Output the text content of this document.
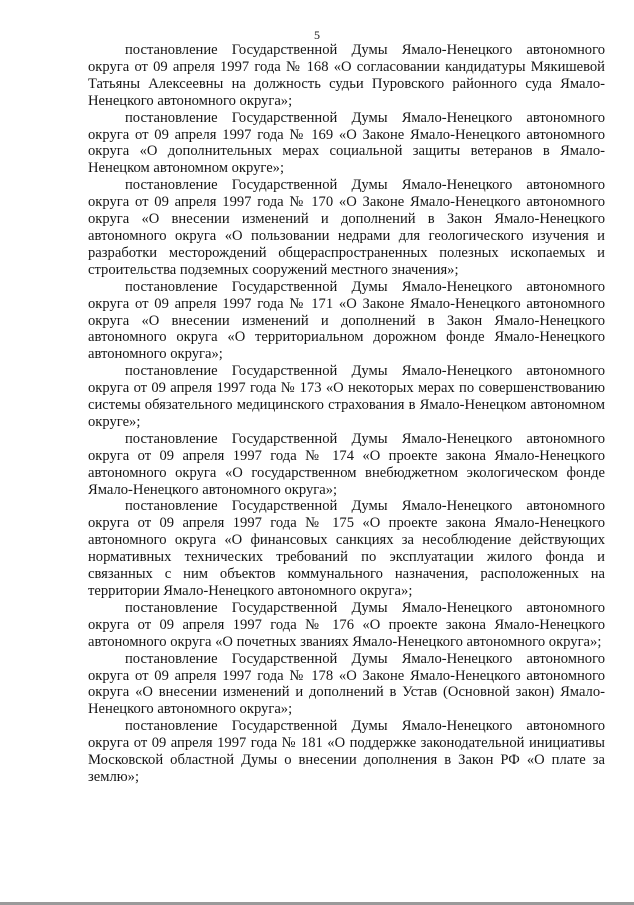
5

постановление Государственной Думы Ямало-Ненецкого автономного округа от 09 апреля 1997 года № 168 «О согласовании кандидатуры Мякишевой Татьяны Алексеевны на должность судьи Пуровского районного суда Ямало-Ненецкого автономного округа»;

постановление Государственной Думы Ямало-Ненецкого автономного округа от 09 апреля 1997 года № 169 «О Законе Ямало-Ненецкого автономного округа «О дополнительных мерах социальной защиты ветеранов в Ямало-Ненецком автономном округе»;

постановление Государственной Думы Ямало-Ненецкого автономного округа от 09 апреля 1997 года № 170 «О Законе Ямало-Ненецкого автономного округа «О внесении изменений и дополнений в Закон Ямало-Ненецкого автономного округа «О пользовании недрами для геологического изучения и разработки месторождений общераспространенных полезных ископаемых и строительства подземных сооружений местного значения»;

постановление Государственной Думы Ямало-Ненецкого автономного округа от 09 апреля 1997 года № 171 «О Законе Ямало-Ненецкого автономного округа «О внесении изменений и дополнений в Закон Ямало-Ненецкого автономного округа «О территориальном дорожном фонде Ямало-Ненецкого автономного округа»;

постановление Государственной Думы Ямало-Ненецкого автономного округа от 09 апреля 1997 года № 173 «О некоторых мерах по совершенствованию системы обязательного медицинского страхования в Ямало-Ненецком автономном округе»;

постановление Государственной Думы Ямало-Ненецкого автономного округа от 09 апреля 1997 года № 174 «О проекте закона Ямало-Ненецкого автономного округа «О государственном внебюджетном экологическом фонде Ямало-Ненецкого автономного округа»;

постановление Государственной Думы Ямало-Ненецкого автономного округа от 09 апреля 1997 года № 175 «О проекте закона Ямало-Ненецкого автономного округа «О финансовых санкциях за несоблюдение действующих нормативных технических требований по эксплуатации жилого фонда и связанных с ним объектов коммунального назначения, расположенных на территории Ямало-Ненецкого автономного округа»;

постановление Государственной Думы Ямало-Ненецкого автономного округа от 09 апреля 1997 года № 176 «О проекте закона Ямало-Ненецкого автономного округа «О почетных званиях Ямало-Ненецкого автономного округа»;

постановление Государственной Думы Ямало-Ненецкого автономного округа от 09 апреля 1997 года № 178 «О Законе Ямало-Ненецкого автономного округа «О внесении изменений и дополнений в Устав (Основной закон) Ямало-Ненецкого автономного округа»;

постановление Государственной Думы Ямало-Ненецкого автономного округа от 09 апреля 1997 года № 181 «О поддержке законодательной инициативы Московской областной Думы о внесении дополнения в Закон РФ «О плате за землю»;
